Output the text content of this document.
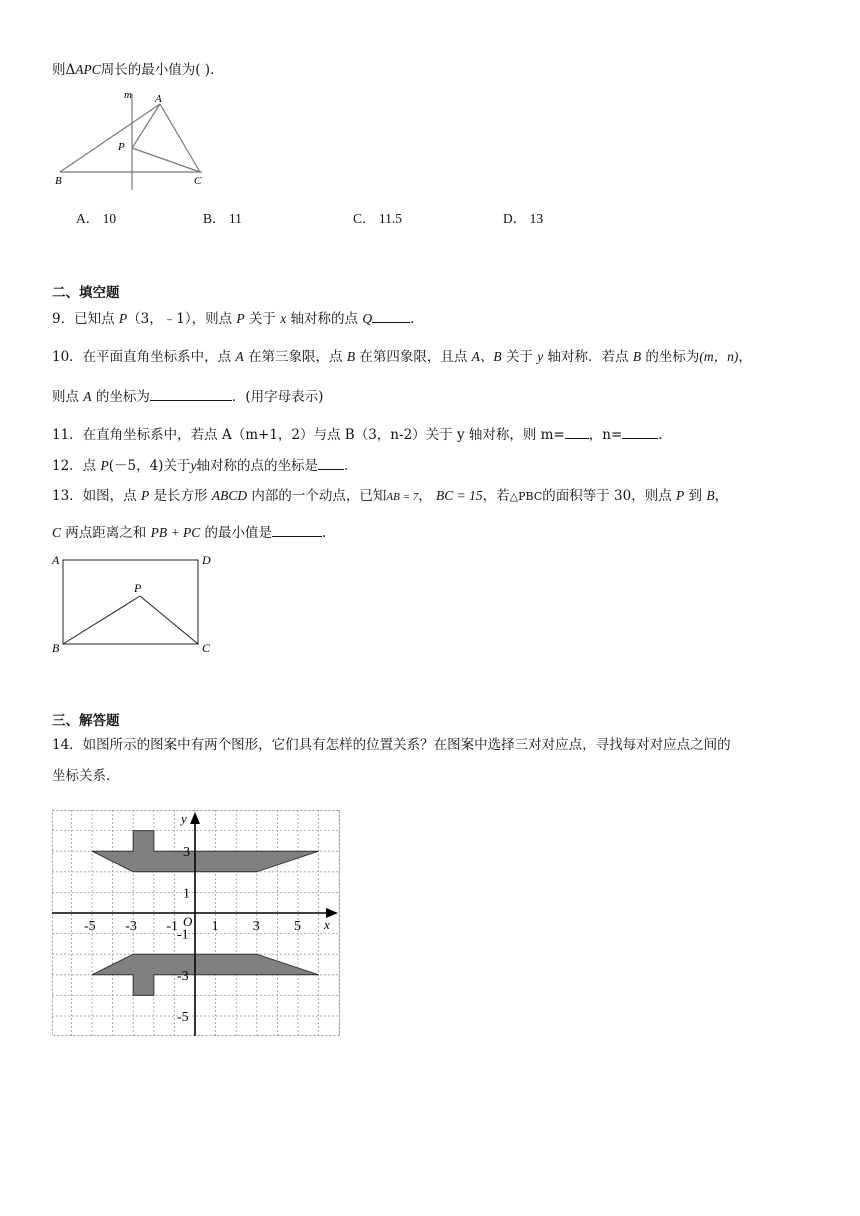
则ΔAPC周长的最小值为( ).
m A
P
B	C
A． 10	B． 11	C． 11.5	D． 13
二、填空题
9．已知点 P（3，﹣1），则点 P 关于 x 轴对称的点 Q	.
10．在平面直角坐标系中，点 A 在第三象限，点 B 在第四象限，且点 A、B 关于 y 轴对称．若点 B 的坐标为(m，n)，
则点 A 的坐标为	．(用字母表示)
11．在直角坐标系中，若点 A（m+1，2）与点 B（3，n-2）关于 y 轴对称，则 m= ，n=	.
12．点 P(－5，4)关于y轴对称的点的坐标是 .
13．如图，点 P 是长方形 ABCD 内部的一个动点，已知AB = 7， BC = 15，若△PBC的面积等于 30，则点 P 到 B，
C 两点距离之和 PB + PC 的最小值是	.
A	D
P
B	C
三、解答题
14．如图所示的图案中有两个图形，它们具有怎样的位置关系？在图案中选择三对对应点，寻找每对对应点之间的
坐标关系.
-5 -3 -1 1 3 5
3
1
-1
-3
-5
x
y
O
